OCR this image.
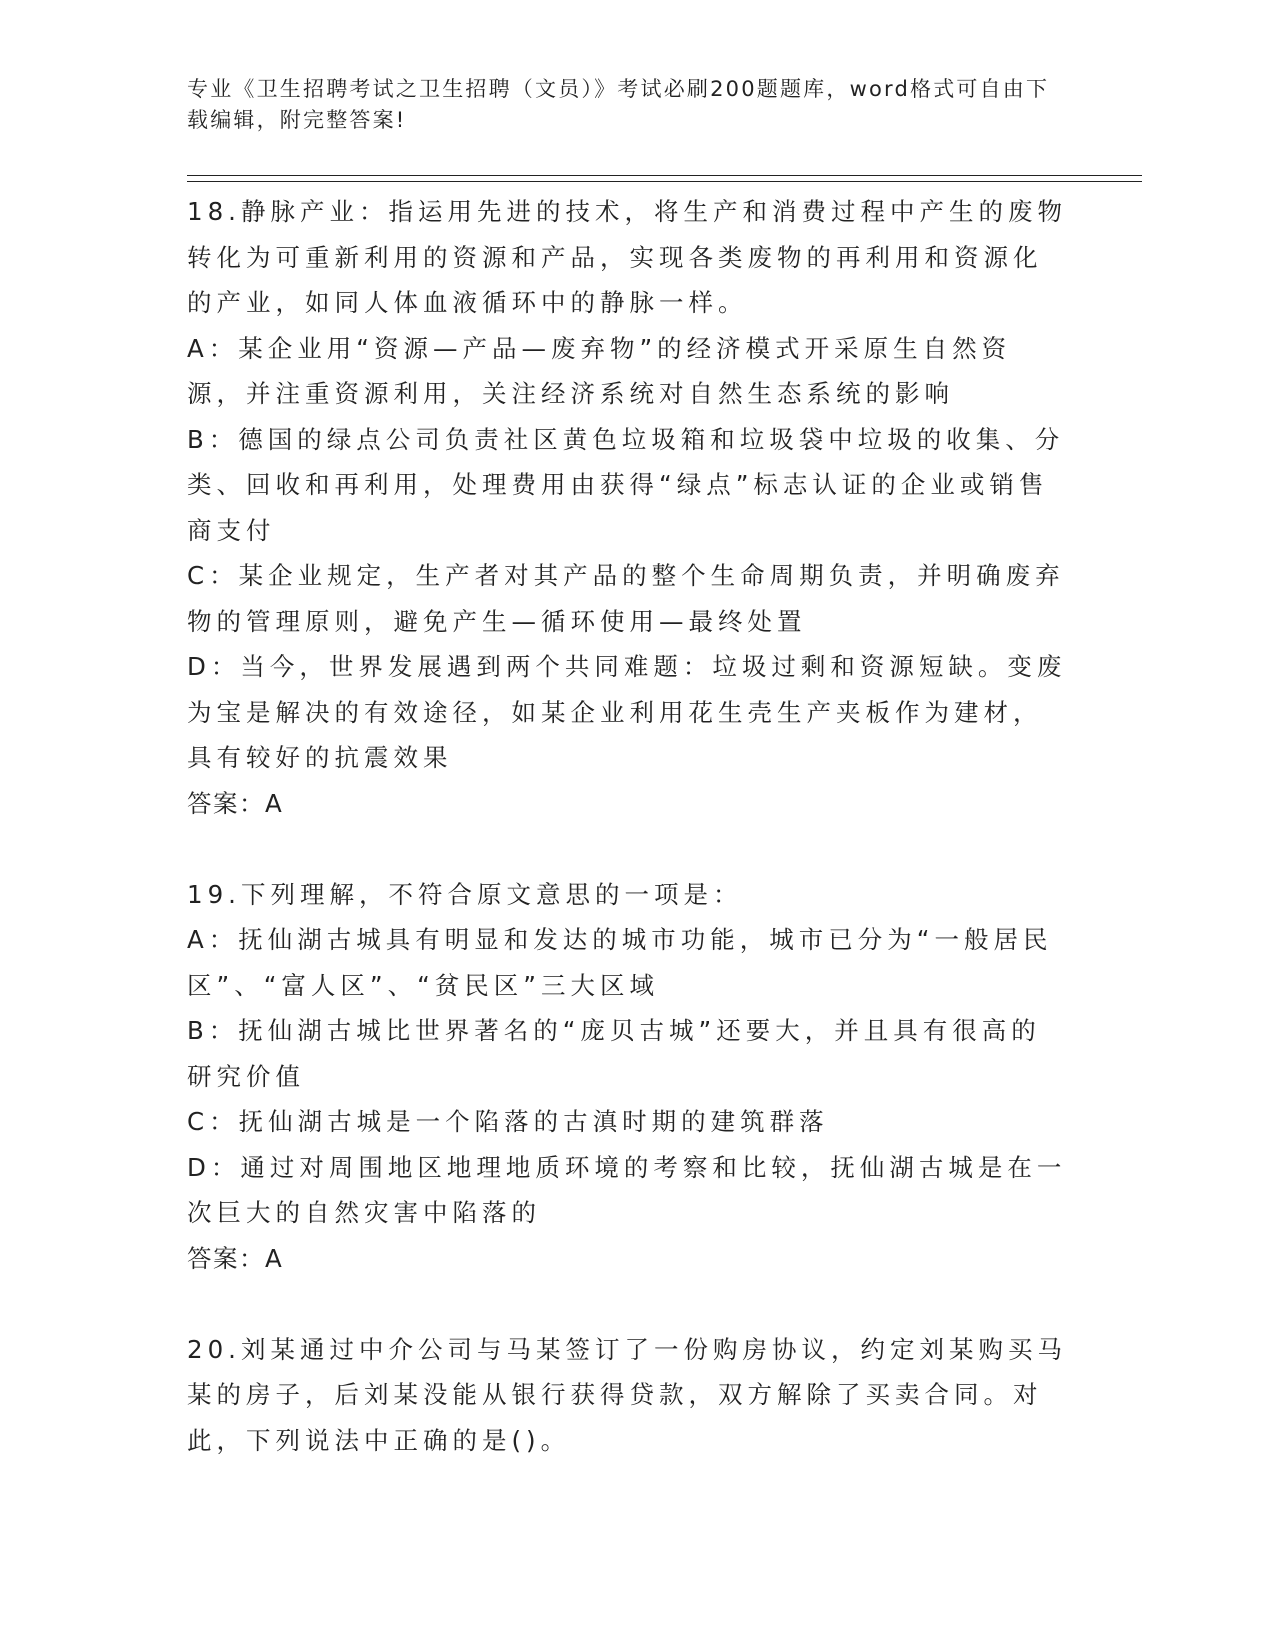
专业《卫生招聘考试之卫生招聘（文员）》考试必刷200题题库，word格式可自由下载编辑，附完整答案!

18.静脉产业：指运用先进的技术，将生产和消费过程中产生的废物转化为可重新利用的资源和产品，实现各类废物的再利用和资源化的产业，如同人体血液循环中的静脉一样。

A：某企业用“资源—产品—废弃物”的经济模式开采原生自然资源，并注重资源利用，关注经济系统对自然生态系统的影响

B：德国的绿点公司负责社区黄色垃圾箱和垃圾袋中垃圾的收集、分类、回收和再利用，处理费用由获得“绿点”标志认证的企业或销售商支付

C：某企业规定，生产者对其产品的整个生命周期负责，并明确废弃物的管理原则，避免产生—循环使用—最终处置

D：当今，世界发展遇到两个共同难题：垃圾过剩和资源短缺。变废为宝是解决的有效途径，如某企业利用花生壳生产夹板作为建材，具有较好的抗震效果

答案：A

19.下列理解，不符合原文意思的一项是：

A：抚仙湖古城具有明显和发达的城市功能，城市已分为“一般居民区”、“富人区”、“贫民区”三大区域

B：抚仙湖古城比世界著名的“庞贝古城”还要大，并且具有很高的研究价值

C：抚仙湖古城是一个陷落的古滇时期的建筑群落

D：通过对周围地区地理地质环境的考察和比较，抚仙湖古城是在一次巨大的自然灾害中陷落的

答案：A

20.刘某通过中介公司与马某签订了一份购房协议，约定刘某购买马某的房子，后刘某没能从银行获得贷款，双方解除了买卖合同。对此，下列说法中正确的是()。
